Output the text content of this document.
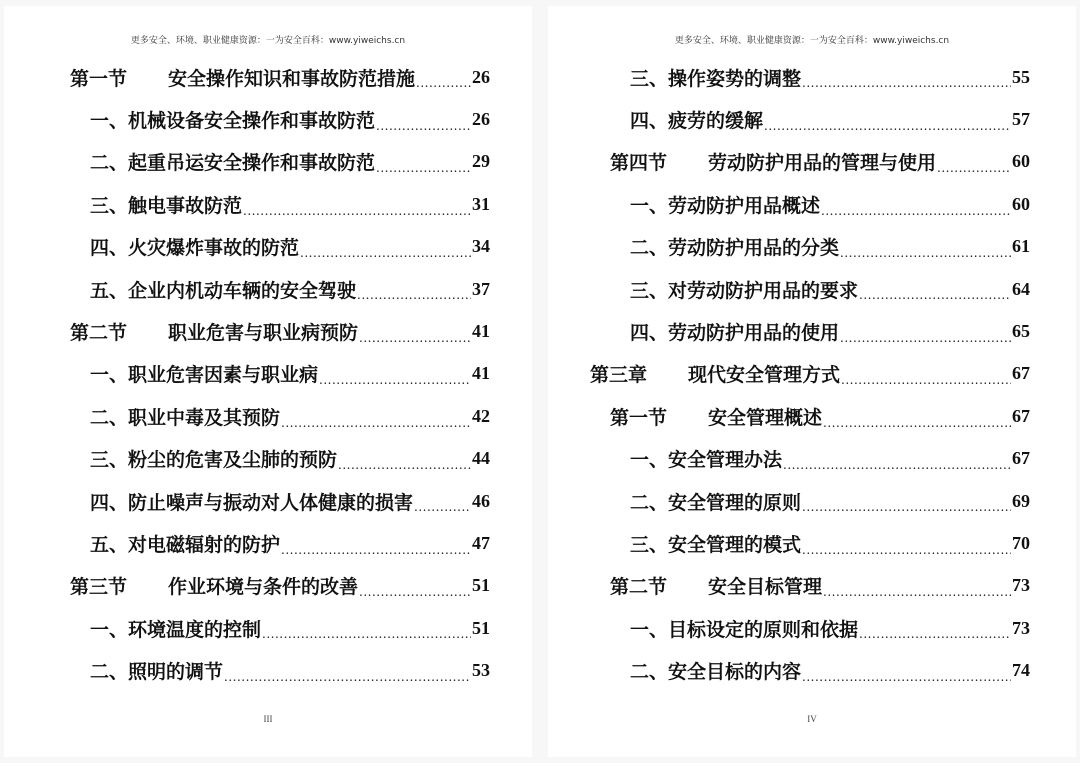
更多安全、环境、职业健康资源：一为安全百科：www.yiweichs.cn
第一节	安全操作知识和事故防范措施 .....	26
一、机械设备安全操作和事故防范 .....	26
二、起重吊运安全操作和事故防范 .....	29
三、触电事故防范 .....	31
四、火灾爆炸事故的防范 .....	34
五、企业内机动车辆的安全驾驶 .....	37
第二节	职业危害与职业病预防 .....	41
一、职业危害因素与职业病 .....	41
二、职业中毒及其预防 .....	42
三、粉尘的危害及尘肺的预防 .....	44
四、防止噪声与振动对人体健康的损害 .....	46
五、对电磁辐射的防护 .....	47
第三节	作业环境与条件的改善 .....	51
一、环境温度的控制 .....	51
二、照明的调节 .....	53
III
更多安全、环境、职业健康资源：一为安全百科：www.yiweichs.cn
三、操作姿势的调整 .....	55
四、疲劳的缓解 .....	57
第四节	劳动防护用品的管理与使用 .....	60
一、劳动防护用品概述 .....	60
二、劳动防护用品的分类 .....	61
三、对劳动防护用品的要求 .....	64
四、劳动防护用品的使用 .....	65
第三章	现代安全管理方式 .....	67
第一节	安全管理概述 .....	67
一、安全管理办法 .....	67
二、安全管理的原则 .....	69
三、安全管理的模式 .....	70
第二节	安全目标管理 .....	73
一、目标设定的原则和依据 .....	73
二、安全目标的内容 .....	74
IV
